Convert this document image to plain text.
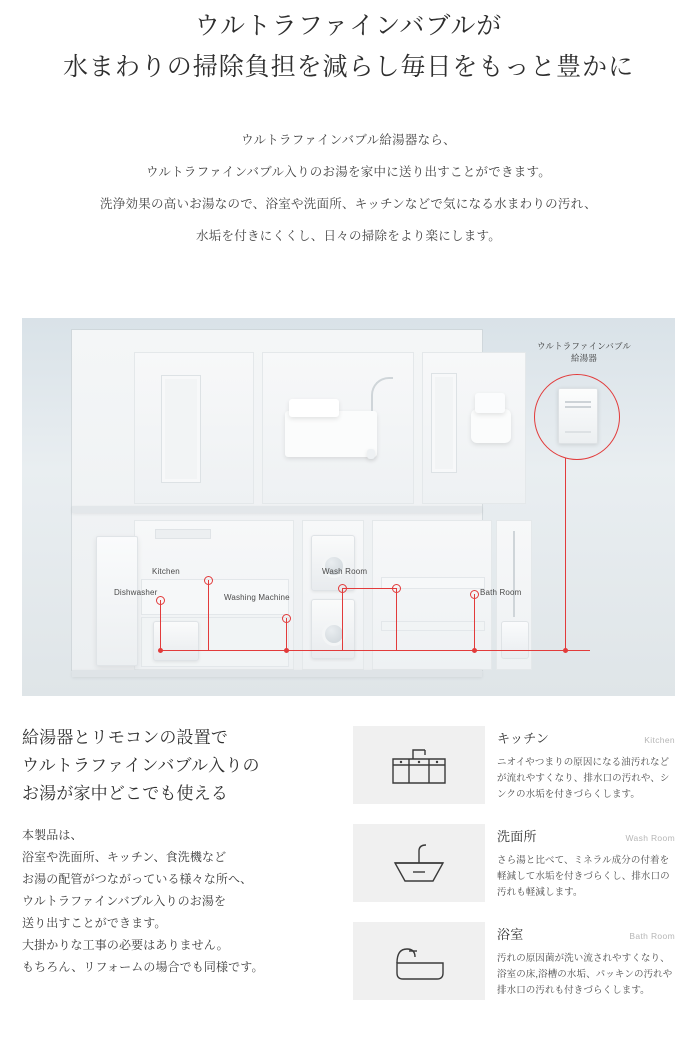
ウルトラファインバブルが
水まわりの掃除負担を減らし毎日をもっと豊かに
ウルトラファインバブル給湯器なら、
ウルトラファインバブル入りのお湯を家中に送り出すことができます。
洗浄効果の高いお湯なので、浴室や洗面所、キッチンなどで気になる水まわりの汚れ、
水垢を付きにくくし、日々の掃除をより楽にします。
ウルトラファインバブル
給湯器
Kitchen
Dishwasher
Washing Machine
Wash Room
Bath Room
給湯器とリモコンの設置で
ウルトラファインバブル入りの
お湯が家中どこでも使える
本製品は、
浴室や洗面所、キッチン、食洗機など
お湯の配管がつながっている様々な所へ、
ウルトラファインバブル入りのお湯を
送り出すことができます。
大掛かりな工事の必要はありません。
もちろん、リフォームの場合でも同様です。
キッチン	Kitchen
ニオイやつまりの原因になる油汚れなどが流れやすくなり、排水口の汚れや、シンクの水垢を付きづらくします。
洗面所	Wash Room
さら湯と比べて、ミネラル成分の付着を軽減して水垢を付きづらくし、排水口の汚れも軽減します。
浴室	Bath Room
汚れの原因菌が洗い流されやすくなり、浴室の床,浴槽の水垢、パッキンの汚れや排水口の汚れも付きづらくします。
